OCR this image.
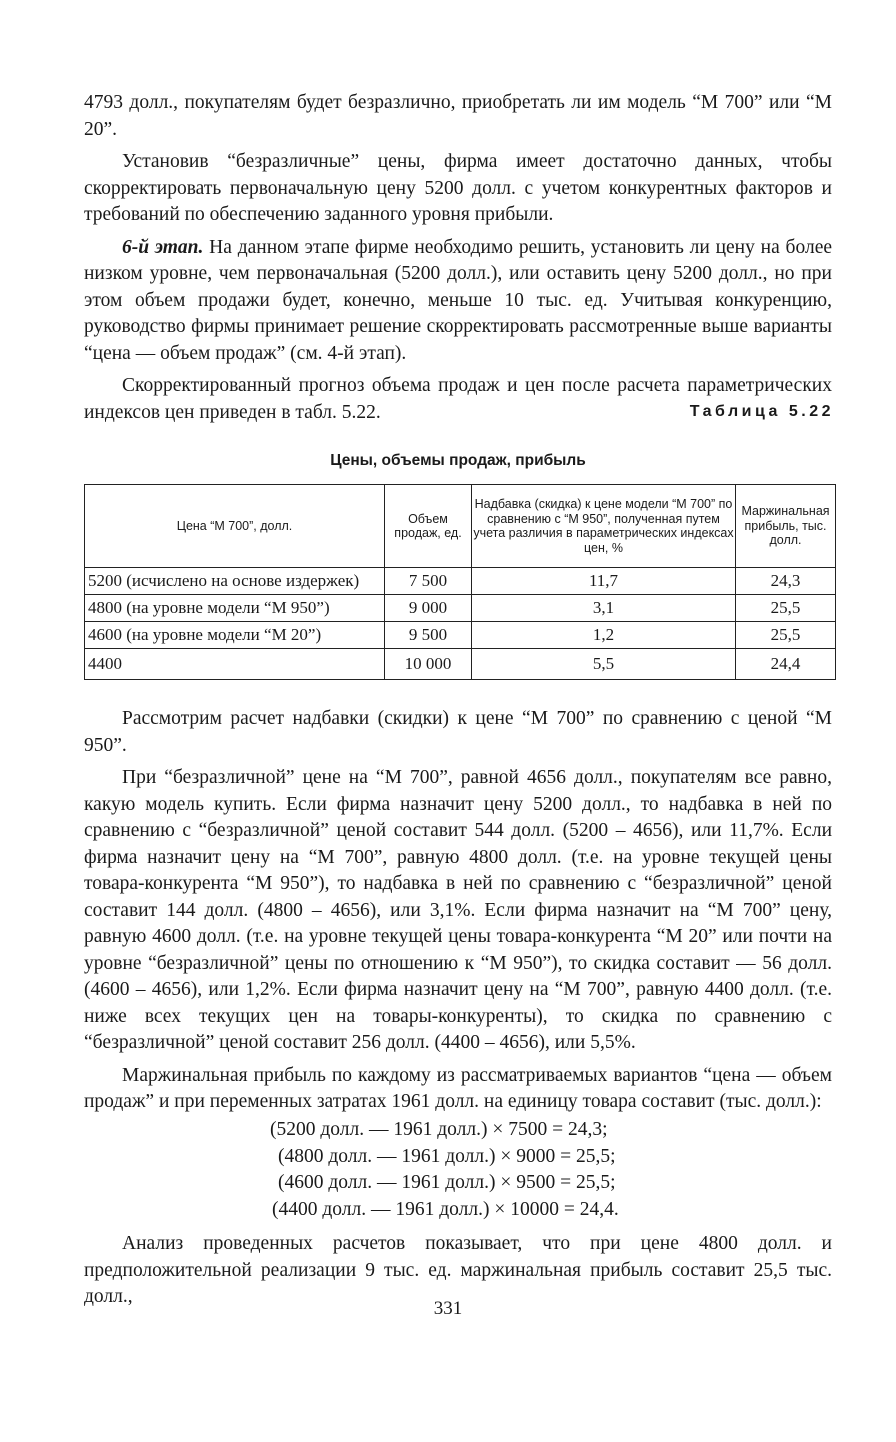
4793 долл., покупателям будет безразлично, приобретать ли им модель “М 700” или “М 20”.

Установив “безразличные” цены, фирма имеет достаточно данных, чтобы скорректировать первоначальную цену 5200 долл. с учетом конкурентных факторов и требований по обеспечению заданного уровня прибыли.

6-й этап. На данном этапе фирме необходимо решить, установить ли цену на более низком уровне, чем первоначальная (5200 долл.), или оставить цену 5200 долл., но при этом объем продажи будет, конечно, меньше 10 тыс. ед. Учитывая конкуренцию, руководство фирмы принимает решение скорректировать рассмотренные выше варианты “цена — объем продаж” (см. 4-й этап).

Скорректированный прогноз объема продаж и цен после расчета параметрических индексов цен приведен в табл. 5.22.	Таблица 5.22
Цены, объемы продаж, прибыль
Цена “М 700”, долл.	Объем продаж, ед.	Надбавка (скидка) к цене модели “М 700” по сравнению с “М 950”, полученная путем учета различия в параметрических индексах цен, %	Маржинальная прибыль, тыс. долл.
5200 (исчислено на основе издержек)	7 500	11,7	24,3
4800 (на уровне модели “М 950”)	9 000	3,1	25,5
4600 (на уровне модели “М 20”)	9 500	1,2	25,5
4400	10 000	5,5	24,4

Рассмотрим расчет надбавки (скидки) к цене “М 700” по сравнению с ценой “М 950”.

При “безразличной” цене на “М 700”, равной 4656 долл., покупателям все равно, какую модель купить. Если фирма назначит цену 5200 долл., то надбавка в ней по сравнению с “безразличной” ценой составит 544 долл. (5200 – 4656), или 11,7%. Если фирма назначит цену на “М 700”, равную 4800 долл. (т.е. на уровне текущей цены товара-конкурента “М 950”), то надбавка в ней по сравнению с “безразличной” ценой составит 144 долл. (4800 – 4656), или 3,1%. Если фирма назначит на “М 700” цену, равную 4600 долл. (т.е. на уровне текущей цены товара-конкурента “М 20” или почти на уровне “безразличной” цены по отношению к “М 950”), то скидка составит — 56 долл. (4600 – 4656), или 1,2%. Если фирма назначит цену на “М 700”, равную 4400 долл. (т.е. ниже всех текущих цен на товары-конкуренты), то скидка по сравнению с “безразличной” ценой составит 256 долл. (4400 – 4656), или 5,5%.

Маржинальная прибыль по каждому из рассматриваемых вариантов “цена — объем продаж” и при переменных затратах 1961 долл. на единицу товара составит (тыс. долл.):

(5200 долл. — 1961 долл.) × 7500 = 24,3;
(4800 долл. — 1961 долл.) × 9000 = 25,5;
(4600 долл. — 1961 долл.) × 9500 = 25,5;
(4400 долл. — 1961 долл.) × 10000 = 24,4.

Анализ проведенных расчетов показывает, что при цене 4800 долл. и предположительной реализации 9 тыс. ед. маржинальная прибыль составит 25,5 тыс. долл.,

331
